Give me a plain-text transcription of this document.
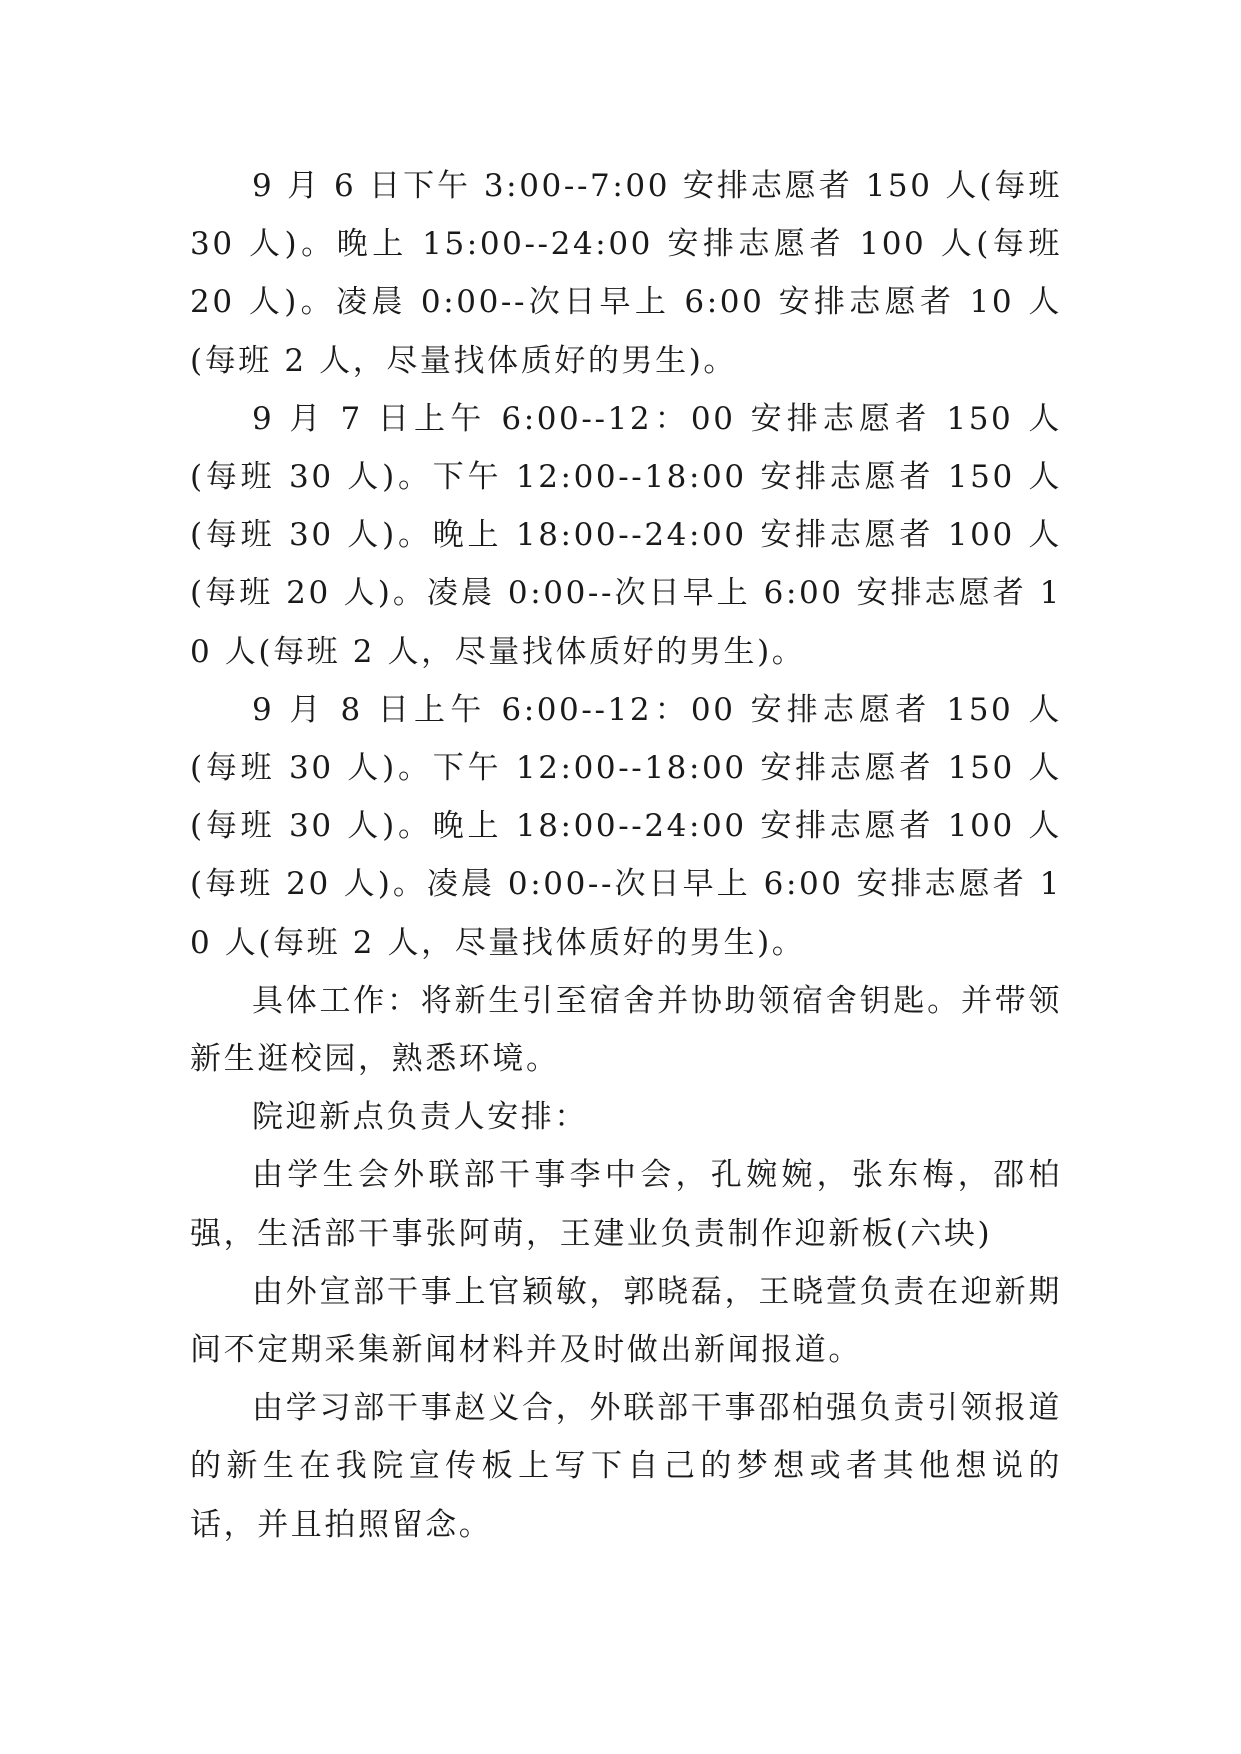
9 月 6 日下午 3:00--7:00 安排志愿者 150 人(每班 30 人)。晚上 15:00--24:00 安排志愿者 100 人(每班 20 人)。凌晨 0:00--次日早上 6:00 安排志愿者 10 人(每班 2 人，尽量找体质好的男生)。

9 月 7 日上午 6:00--12：00 安排志愿者 150 人(每班 30 人)。下午 12:00--18:00 安排志愿者 150 人(每班 30 人)。晚上 18:00--24:00 安排志愿者 100 人(每班 20 人)。凌晨 0:00--次日早上 6:00 安排志愿者 10 人(每班 2 人，尽量找体质好的男生)。

9 月 8 日上午 6:00--12：00 安排志愿者 150 人(每班 30 人)。下午 12:00--18:00 安排志愿者 150 人(每班 30 人)。晚上 18:00--24:00 安排志愿者 100 人(每班 20 人)。凌晨 0:00--次日早上 6:00 安排志愿者 10 人(每班 2 人，尽量找体质好的男生)。

具体工作：将新生引至宿舍并协助领宿舍钥匙。并带领新生逛校园，熟悉环境。

院迎新点负责人安排：

由学生会外联部干事李中会，孔婉婉，张东梅，邵柏强，生活部干事张阿萌，王建业负责制作迎新板(六块)

由外宣部干事上官颖敏，郭晓磊，王晓萱负责在迎新期间不定期采集新闻材料并及时做出新闻报道。

由学习部干事赵义合，外联部干事邵柏强负责引领报道的新生在我院宣传板上写下自己的梦想或者其他想说的话，并且拍照留念。
